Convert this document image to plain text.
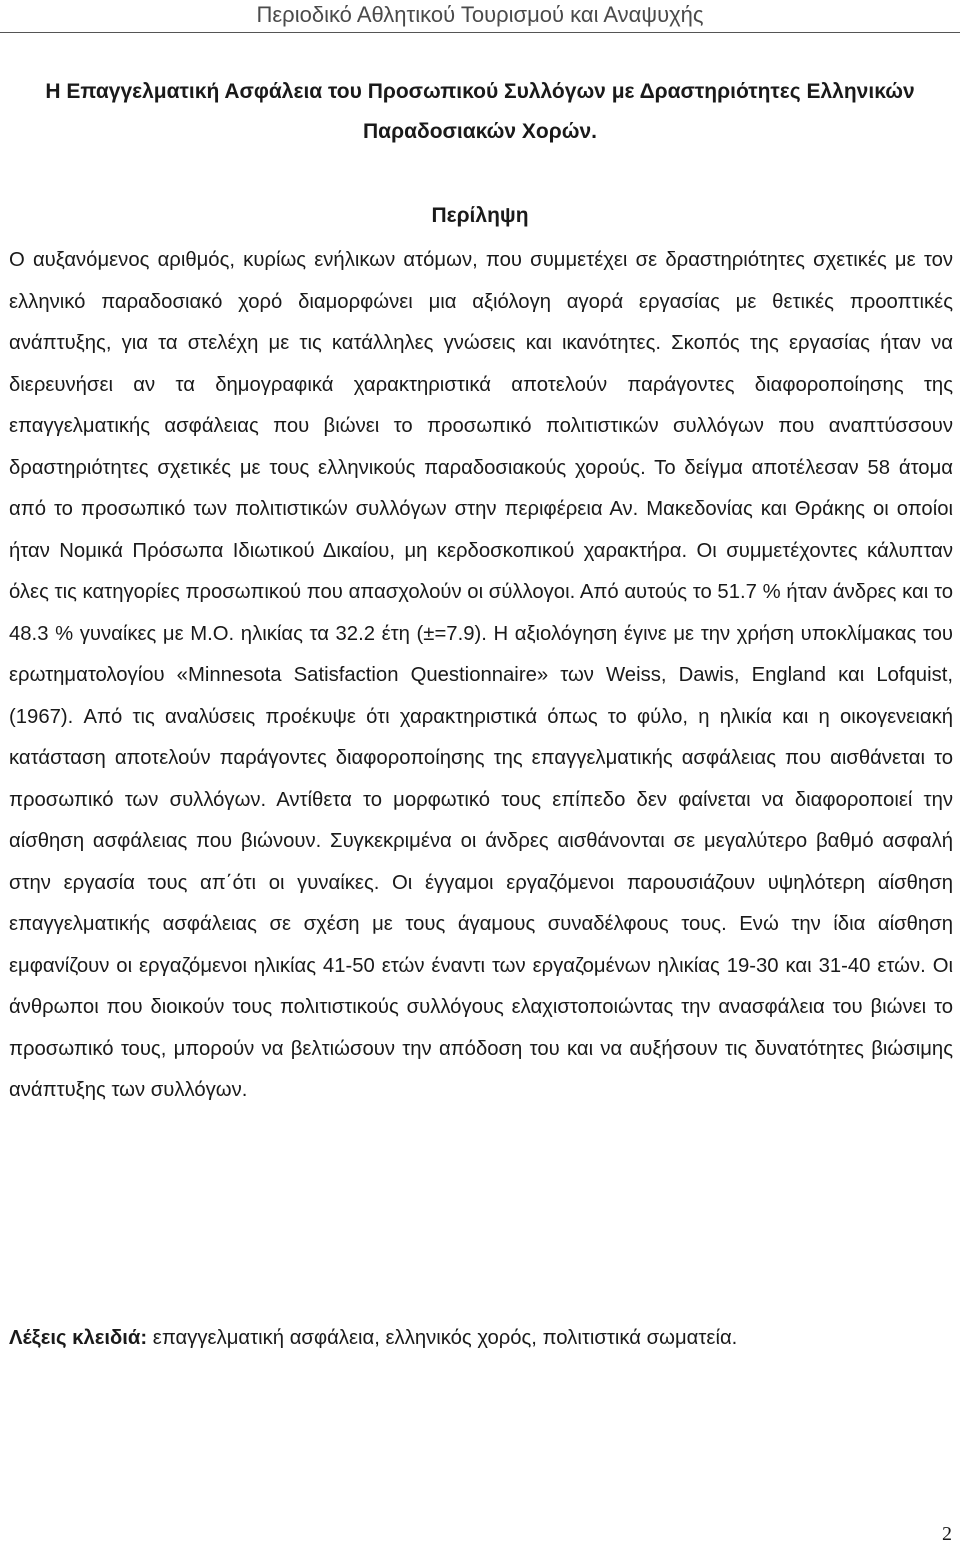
Περιοδικό Αθλητικού Τουρισμού και Αναψυχής
Η Επαγγελματική Ασφάλεια του Προσωπικού Συλλόγων με Δραστηριότητες Ελληνικών Παραδοσιακών Χορών.
Περίληψη

Ο αυξανόμενος αριθμός, κυρίως ενήλικων ατόμων, που συμμετέχει σε δραστηριότητες σχετικές με τον ελληνικό παραδοσιακό χορό διαμορφώνει μια αξιόλογη αγορά εργασίας με θετικές προοπτικές ανάπτυξης, για τα στελέχη με τις κατάλληλες γνώσεις και ικανότητες. Σκοπός της εργασίας ήταν να διερευνήσει αν τα δημογραφικά χαρακτηριστικά αποτελούν παράγοντες διαφοροποίησης της επαγγελματικής ασφάλειας που βιώνει το προσωπικό πολιτιστικών συλλόγων που αναπτύσσουν δραστηριότητες σχετικές με τους ελληνικούς παραδοσιακούς χορούς. Το δείγμα αποτέλεσαν 58 άτομα από το προσωπικό των πολιτιστικών συλλόγων στην περιφέρεια Αν. Μακεδονίας και Θράκης οι οποίοι ήταν Νομικά Πρόσωπα Ιδιωτικού Δικαίου, μη κερδοσκοπικού χαρακτήρα. Οι συμμετέχοντες κάλυπταν όλες τις κατηγορίες προσωπικού που απασχολούν οι σύλλογοι. Από αυτούς το 51.7 % ήταν άνδρες και το 48.3 % γυναίκες με Μ.Ο. ηλικίας τα 32.2 έτη (±=7.9). Η αξιολόγηση έγινε με την χρήση υποκλίμακας του ερωτηματολογίου «Minnesota Satisfaction Questionnaire» των Weiss, Dawis, England και Lofquist, (1967). Από τις αναλύσεις προέκυψε ότι χαρακτηριστικά όπως το φύλο, η ηλικία και η οικογενειακή κατάσταση αποτελούν παράγοντες διαφοροποίησης της επαγγελματικής ασφάλειας που αισθάνεται το προσωπικό των συλλόγων. Αντίθετα το μορφωτικό τους επίπεδο δεν φαίνεται να διαφοροποιεί την αίσθηση ασφάλειας που βιώνουν. Συγκεκριμένα οι άνδρες αισθάνονται σε μεγαλύτερο βαθμό ασφαλή στην εργασία τους απ΄ότι οι γυναίκες. Οι έγγαμοι εργαζόμενοι παρουσιάζουν υψηλότερη αίσθηση επαγγελματικής ασφάλειας σε σχέση με τους άγαμους συναδέλφους τους. Ενώ την ίδια αίσθηση εμφανίζουν οι εργαζόμενοι ηλικίας 41-50 ετών έναντι των εργαζομένων ηλικίας 19-30 και 31-40 ετών. Οι άνθρωποι που διοικούν τους πολιτιστικούς συλλόγους ελαχιστοποιώντας την ανασφάλεια του βιώνει το προσωπικό τους, μπορούν να βελτιώσουν την απόδοση του και να αυξήσουν τις δυνατότητες βιώσιμης ανάπτυξης των συλλόγων.

Λέξεις κλειδιά: επαγγελματική ασφάλεια, ελληνικός χορός, πολιτιστικά σωματεία.
2
